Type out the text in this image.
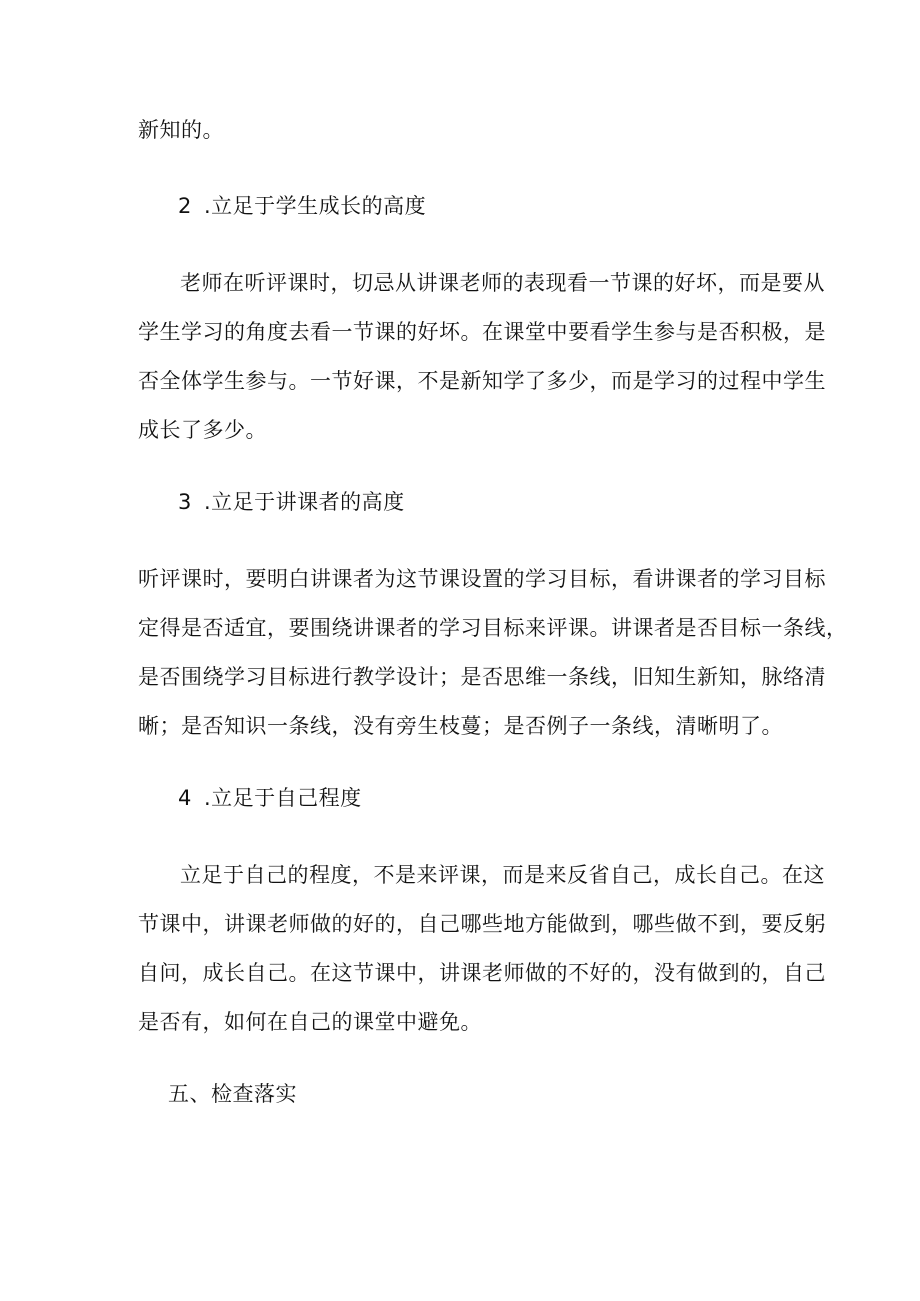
新知的。
2 .立足于学生成长的高度
老师在听评课时，切忌从讲课老师的表现看一节课的好坏，而是要从
学生学习的角度去看一节课的好坏。在课堂中要看学生参与是否积极，是
否全体学生参与。一节好课，不是新知学了多少，而是学习的过程中学生
成长了多少。
3 .立足于讲课者的高度
听评课时，要明白讲课者为这节课设置的学习目标，看讲课者的学习目标
定得是否适宜，要围绕讲课者的学习目标来评课。讲课者是否目标一条线，
是否围绕学习目标进行教学设计；是否思维一条线，旧知生新知，脉络清
晰；是否知识一条线，没有旁生枝蔓；是否例子一条线，清晰明了。
4 .立足于自己程度
立足于自己的程度，不是来评课，而是来反省自己，成长自己。在这
节课中，讲课老师做的好的，自己哪些地方能做到，哪些做不到，要反躬
自问，成长自己。在这节课中，讲课老师做的不好的，没有做到的，自己
是否有，如何在自己的课堂中避免。
五、检查落实
